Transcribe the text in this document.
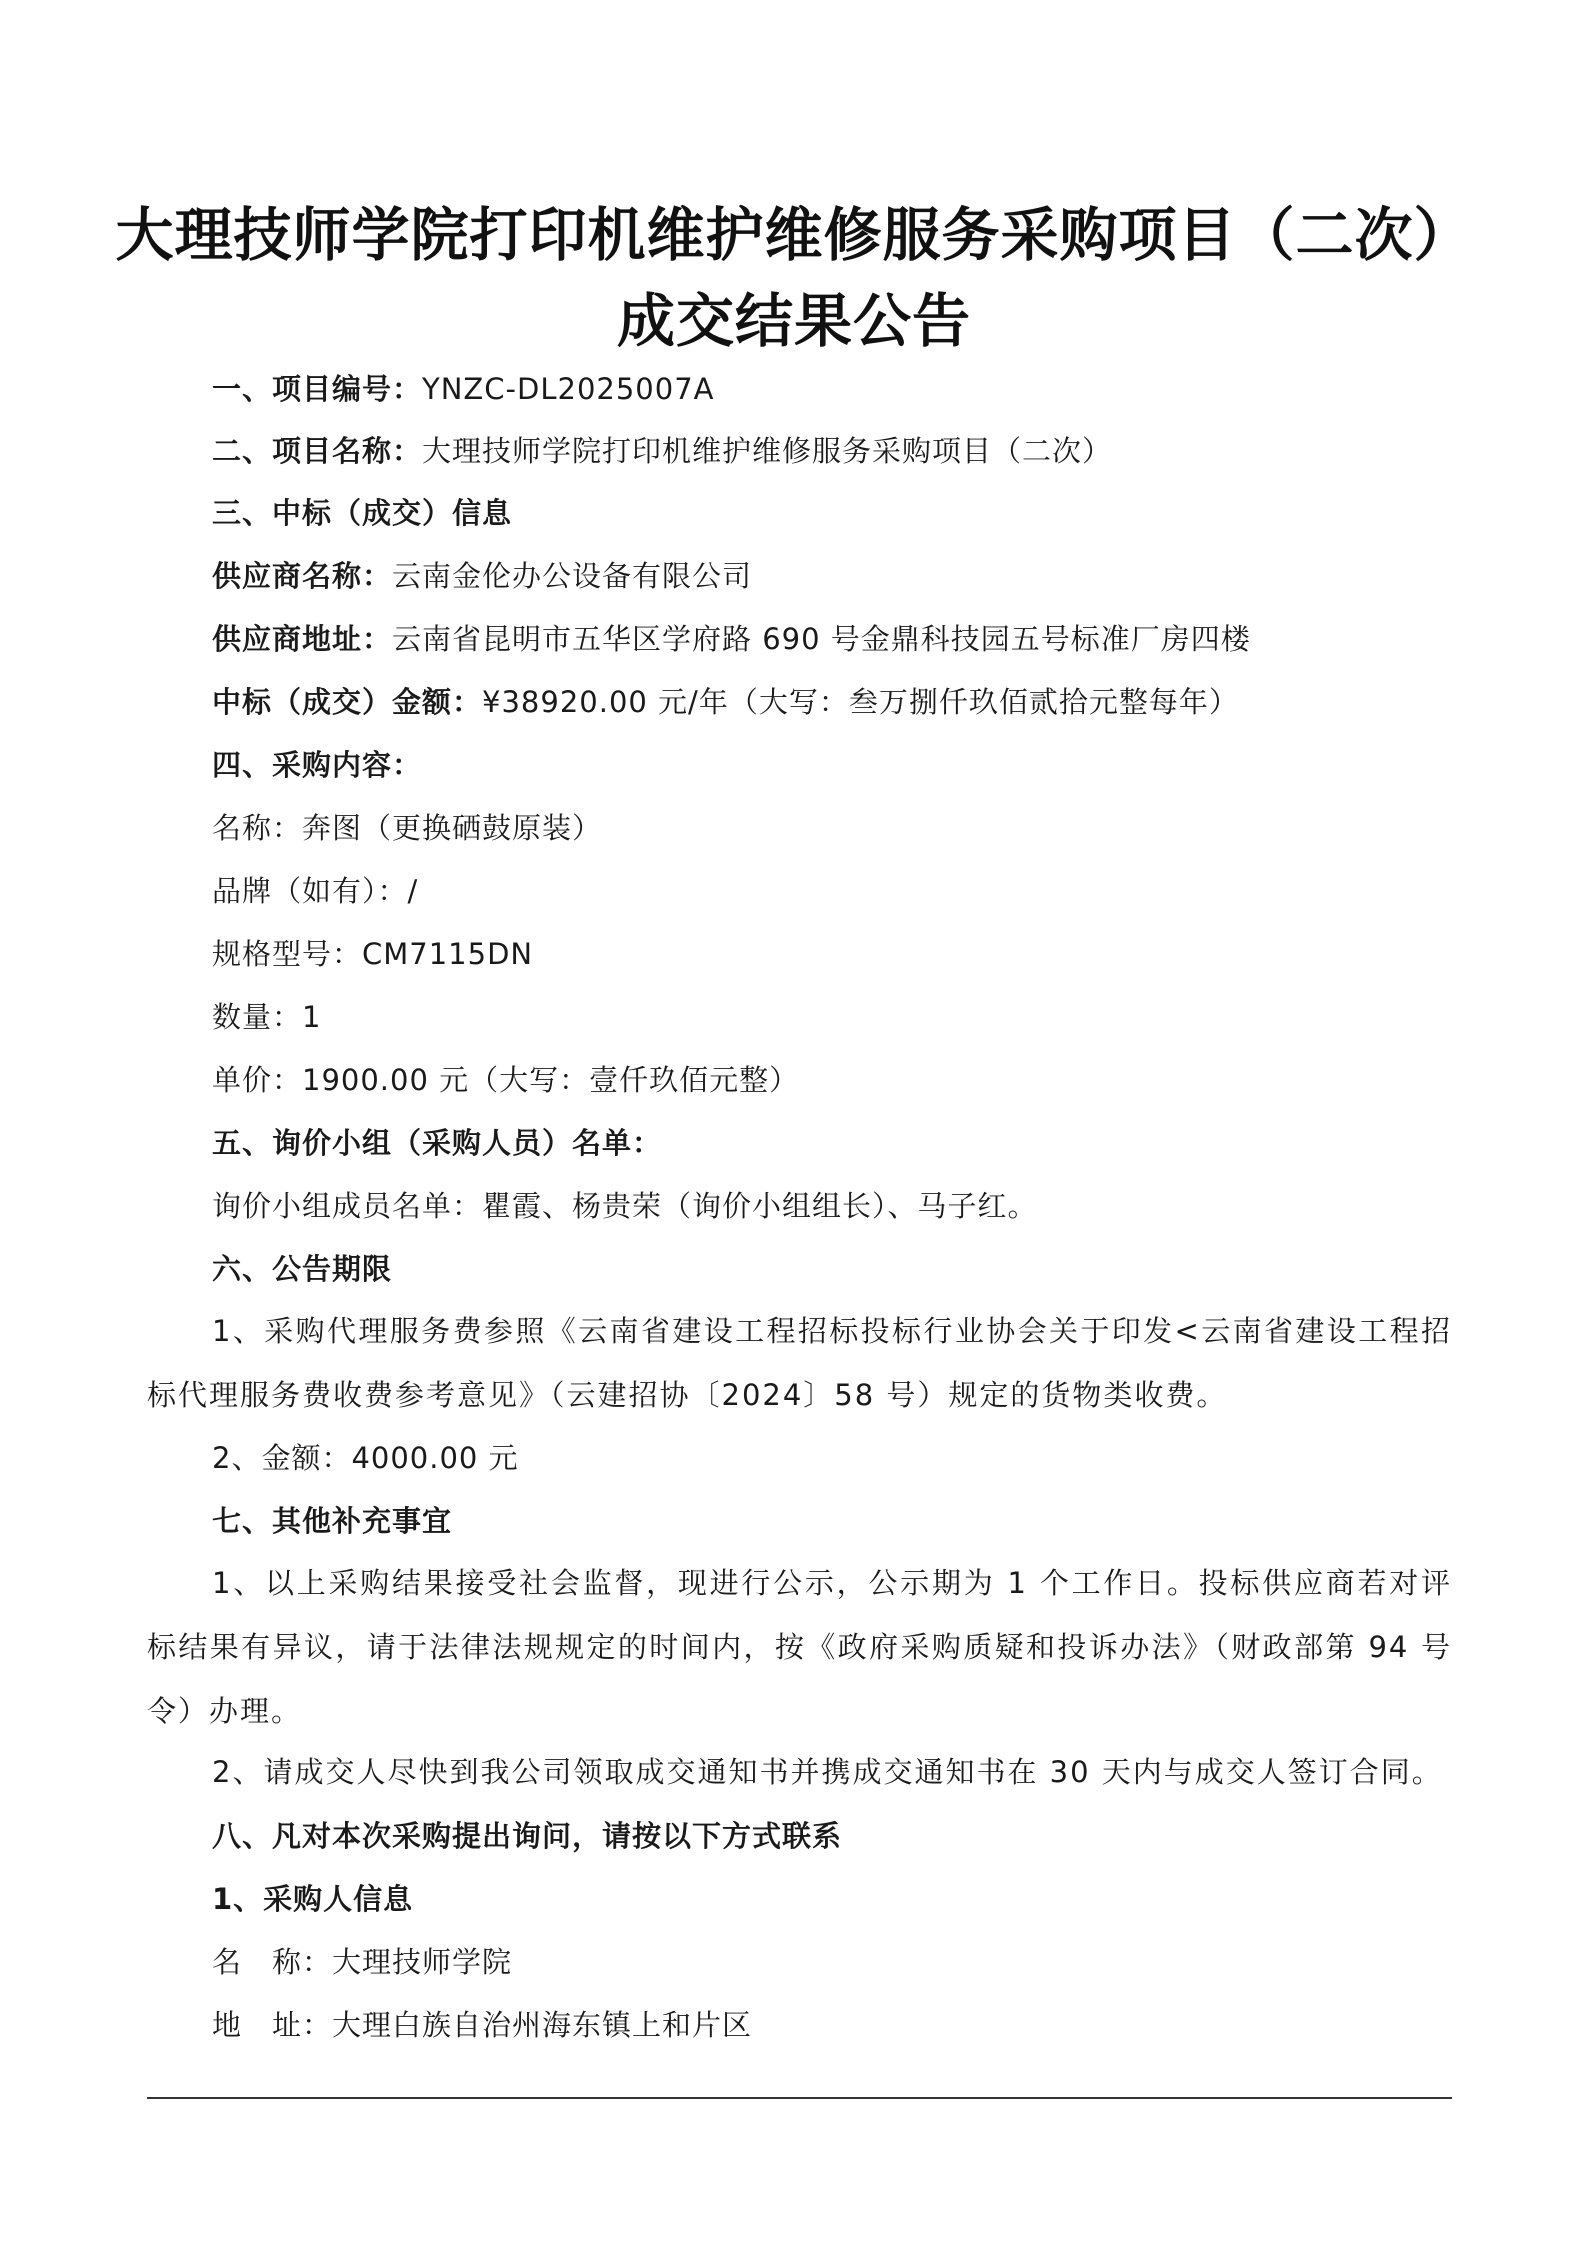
大理技师学院打印机维护维修服务采购项目（二次）
成交结果公告
一、项目编号：YNZC-DL2025007A
二、项目名称：大理技师学院打印机维护维修服务采购项目（二次）
三、中标（成交）信息
供应商名称：云南金伦办公设备有限公司
供应商地址：云南省昆明市五华区学府路 690 号金鼎科技园五号标准厂房四楼
中标（成交）金额：¥38920.00 元/年（大写：叁万捌仟玖佰贰拾元整每年）
四、采购内容：
名称：奔图（更换硒鼓原装）
品牌（如有）：/
规格型号：CM7115DN
数量：1
单价：1900.00 元（大写：壹仟玖佰元整）
五、询价小组（采购人员）名单：
询价小组成员名单：瞿霞、杨贵荣（询价小组组长）、马子红。
六、公告期限
1、采购代理服务费参照《云南省建设工程招标投标行业协会关于印发<云南省建设工程招标代理服务费收费参考意见》（云建招协〔2024〕58 号）规定的货物类收费。
2、金额：4000.00 元
七、其他补充事宜
1、以上采购结果接受社会监督，现进行公示，公示期为 1 个工作日。投标供应商若对评标结果有异议，请于法律法规规定的时间内，按《政府采购质疑和投诉办法》（财政部第 94 号令）办理。
2、请成交人尽快到我公司领取成交通知书并携成交通知书在 30 天内与成交人签订合同。
八、凡对本次采购提出询问，请按以下方式联系
1、采购人信息
名　称：大理技师学院
地　址：大理白族自治州海东镇上和片区
